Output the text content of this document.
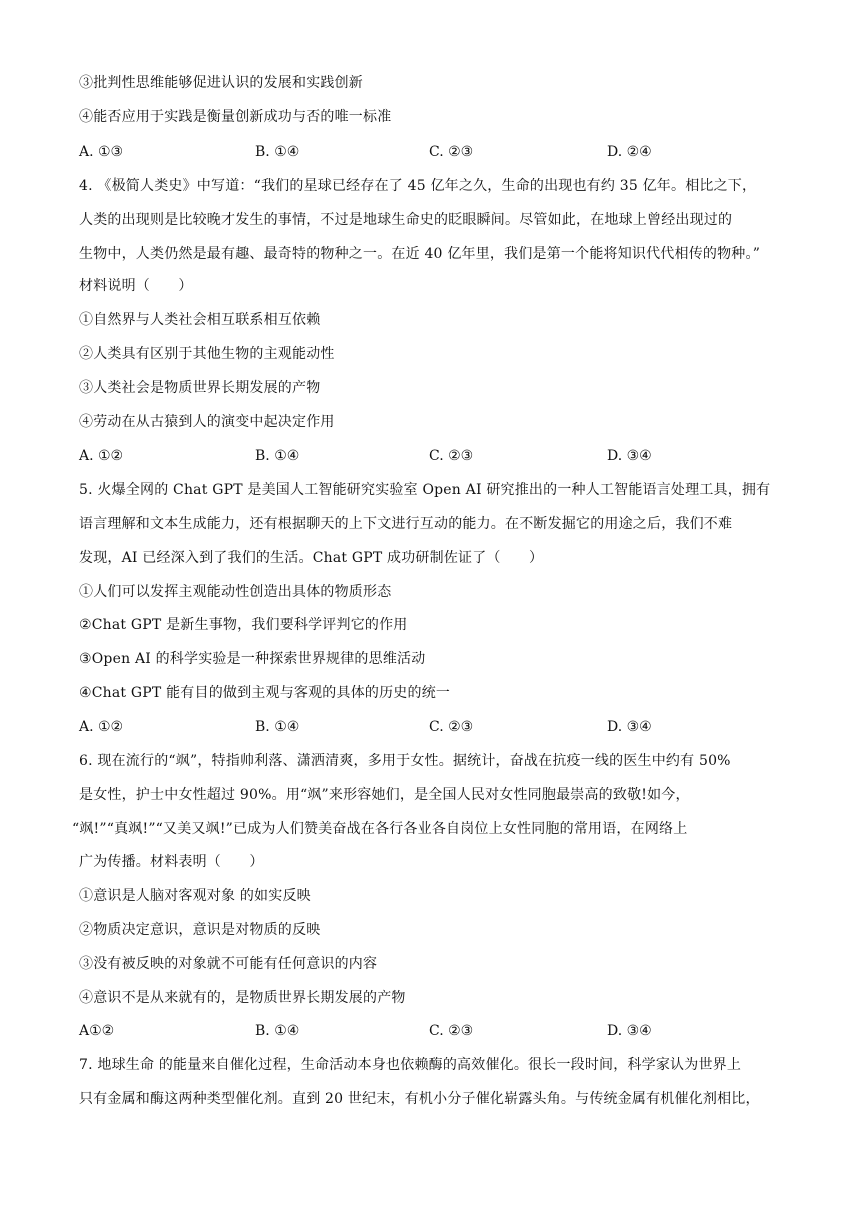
③批判性思维能够促进认识的发展和实践创新
④能否应用于实践是衡量创新成功与否的唯一标准
A. ①③	B. ①④	C. ②③	D. ②④
4. 《极简人类史》中写道：“我们的星球已经存在了 45 亿年之久，生命的出现也有约 35 亿年。相比之下，
人类的出现则是比较晚才发生的事情，不过是地球生命史的眨眼瞬间。尽管如此，在地球上曾经出现过的
生物中，人类仍然是最有趣、最奇特的物种之一。在近 40 亿年里，我们是第一个能将知识代代相传的物种。”
材料说明（　　）
①自然界与人类社会相互联系相互依赖
②人类具有区别于其他生物的主观能动性
③人类社会是物质世界长期发展的产物
④劳动在从古猿到人的演变中起决定作用
A. ①②	B. ①④	C. ②③	D. ③④
5. 火爆全网的 Chat GPT 是美国人工智能研究实验室 Open AI 研究推出的一种人工智能语言处理工具，拥有
语言理解和文本生成能力，还有根据聊天的上下文进行互动的能力。在不断发掘它的用途之后，我们不难
发现，AI 已经深入到了我们的生活。Chat GPT 成功研制佐证了（　　）
①人们可以发挥主观能动性创造出具体的物质形态
②Chat GPT 是新生事物，我们要科学评判它的作用
③Open AI 的科学实验是一种探索世界规律的思维活动
④Chat GPT 能有目的做到主观与客观的具体的历史的统一
A. ①②	B. ①④	C. ②③	D. ③④
6. 现在流行的“飒”，特指帅利落、潇洒清爽，多用于女性。据统计，奋战在抗疫一线的医生中约有 50%
是女性，护士中女性超过 90%。用“飒”来形容她们，是全国人民对女性同胞最崇高的致敬!如今，
“飒!”“真飒!”“又美又飒!”已成为人们赞美奋战在各行各业各自岗位上女性同胞的常用语，在网络上
广为传播。材料表明（　　）
①意识是人脑对客观对象 的如实反映
②物质决定意识，意识是对物质的反映
③没有被反映的对象就不可能有任何意识的内容
④意识不是从来就有的，是物质世界长期发展的产物
A①②	B. ①④	C. ②③	D. ③④
7. 地球生命 的能量来自催化过程，生命活动本身也依赖酶的高效催化。很长一段时间，科学家认为世界上
只有金属和酶这两种类型催化剂。直到 20 世纪末，有机小分子催化崭露头角。与传统金属有机催化剂相比，
